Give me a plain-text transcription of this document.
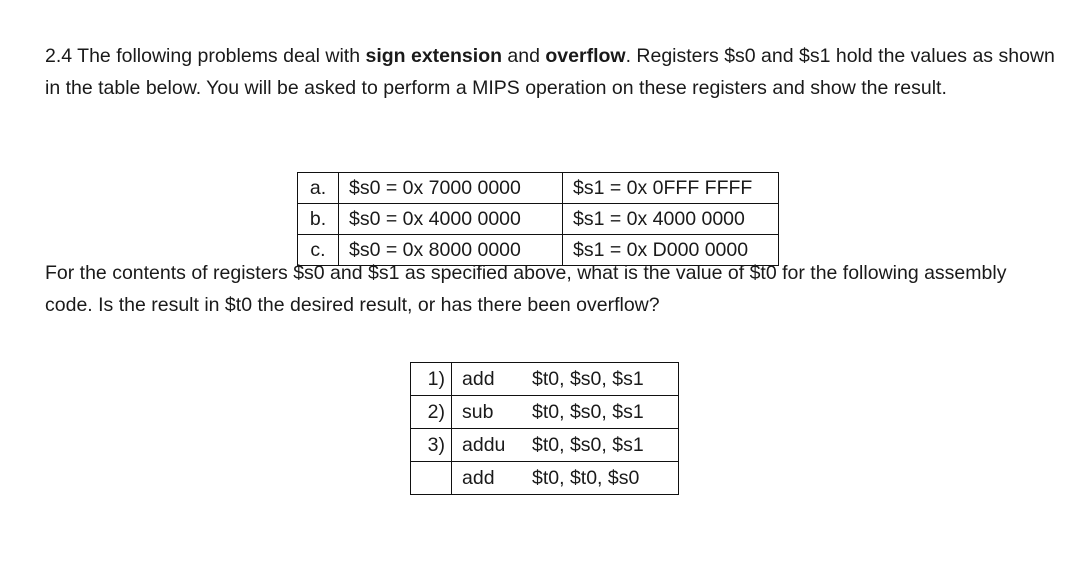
2.4 The following problems deal with sign extension and overflow. Registers $s0 and $s1 hold the values as shown in the table below. You will be asked to perform a MIPS operation on these registers and show the result.

a.	$s0 = 0x 7000 0000	$s1 = 0x 0FFF FFFF
b.	$s0 = 0x 4000 0000	$s1 = 0x 4000 0000
c.	$s0 = 0x 8000 0000	$s1 = 0x D000 0000

For the contents of registers $s0 and $s1 as specified above, what is the value of $t0 for the following assembly code. Is the result in $t0 the desired result, or has there been overflow?

1)	add $t0, $s0, $s1
2)	sub $t0, $s0, $s1
3)	addu $t0, $s0, $s1
	add $t0, $t0, $s0
